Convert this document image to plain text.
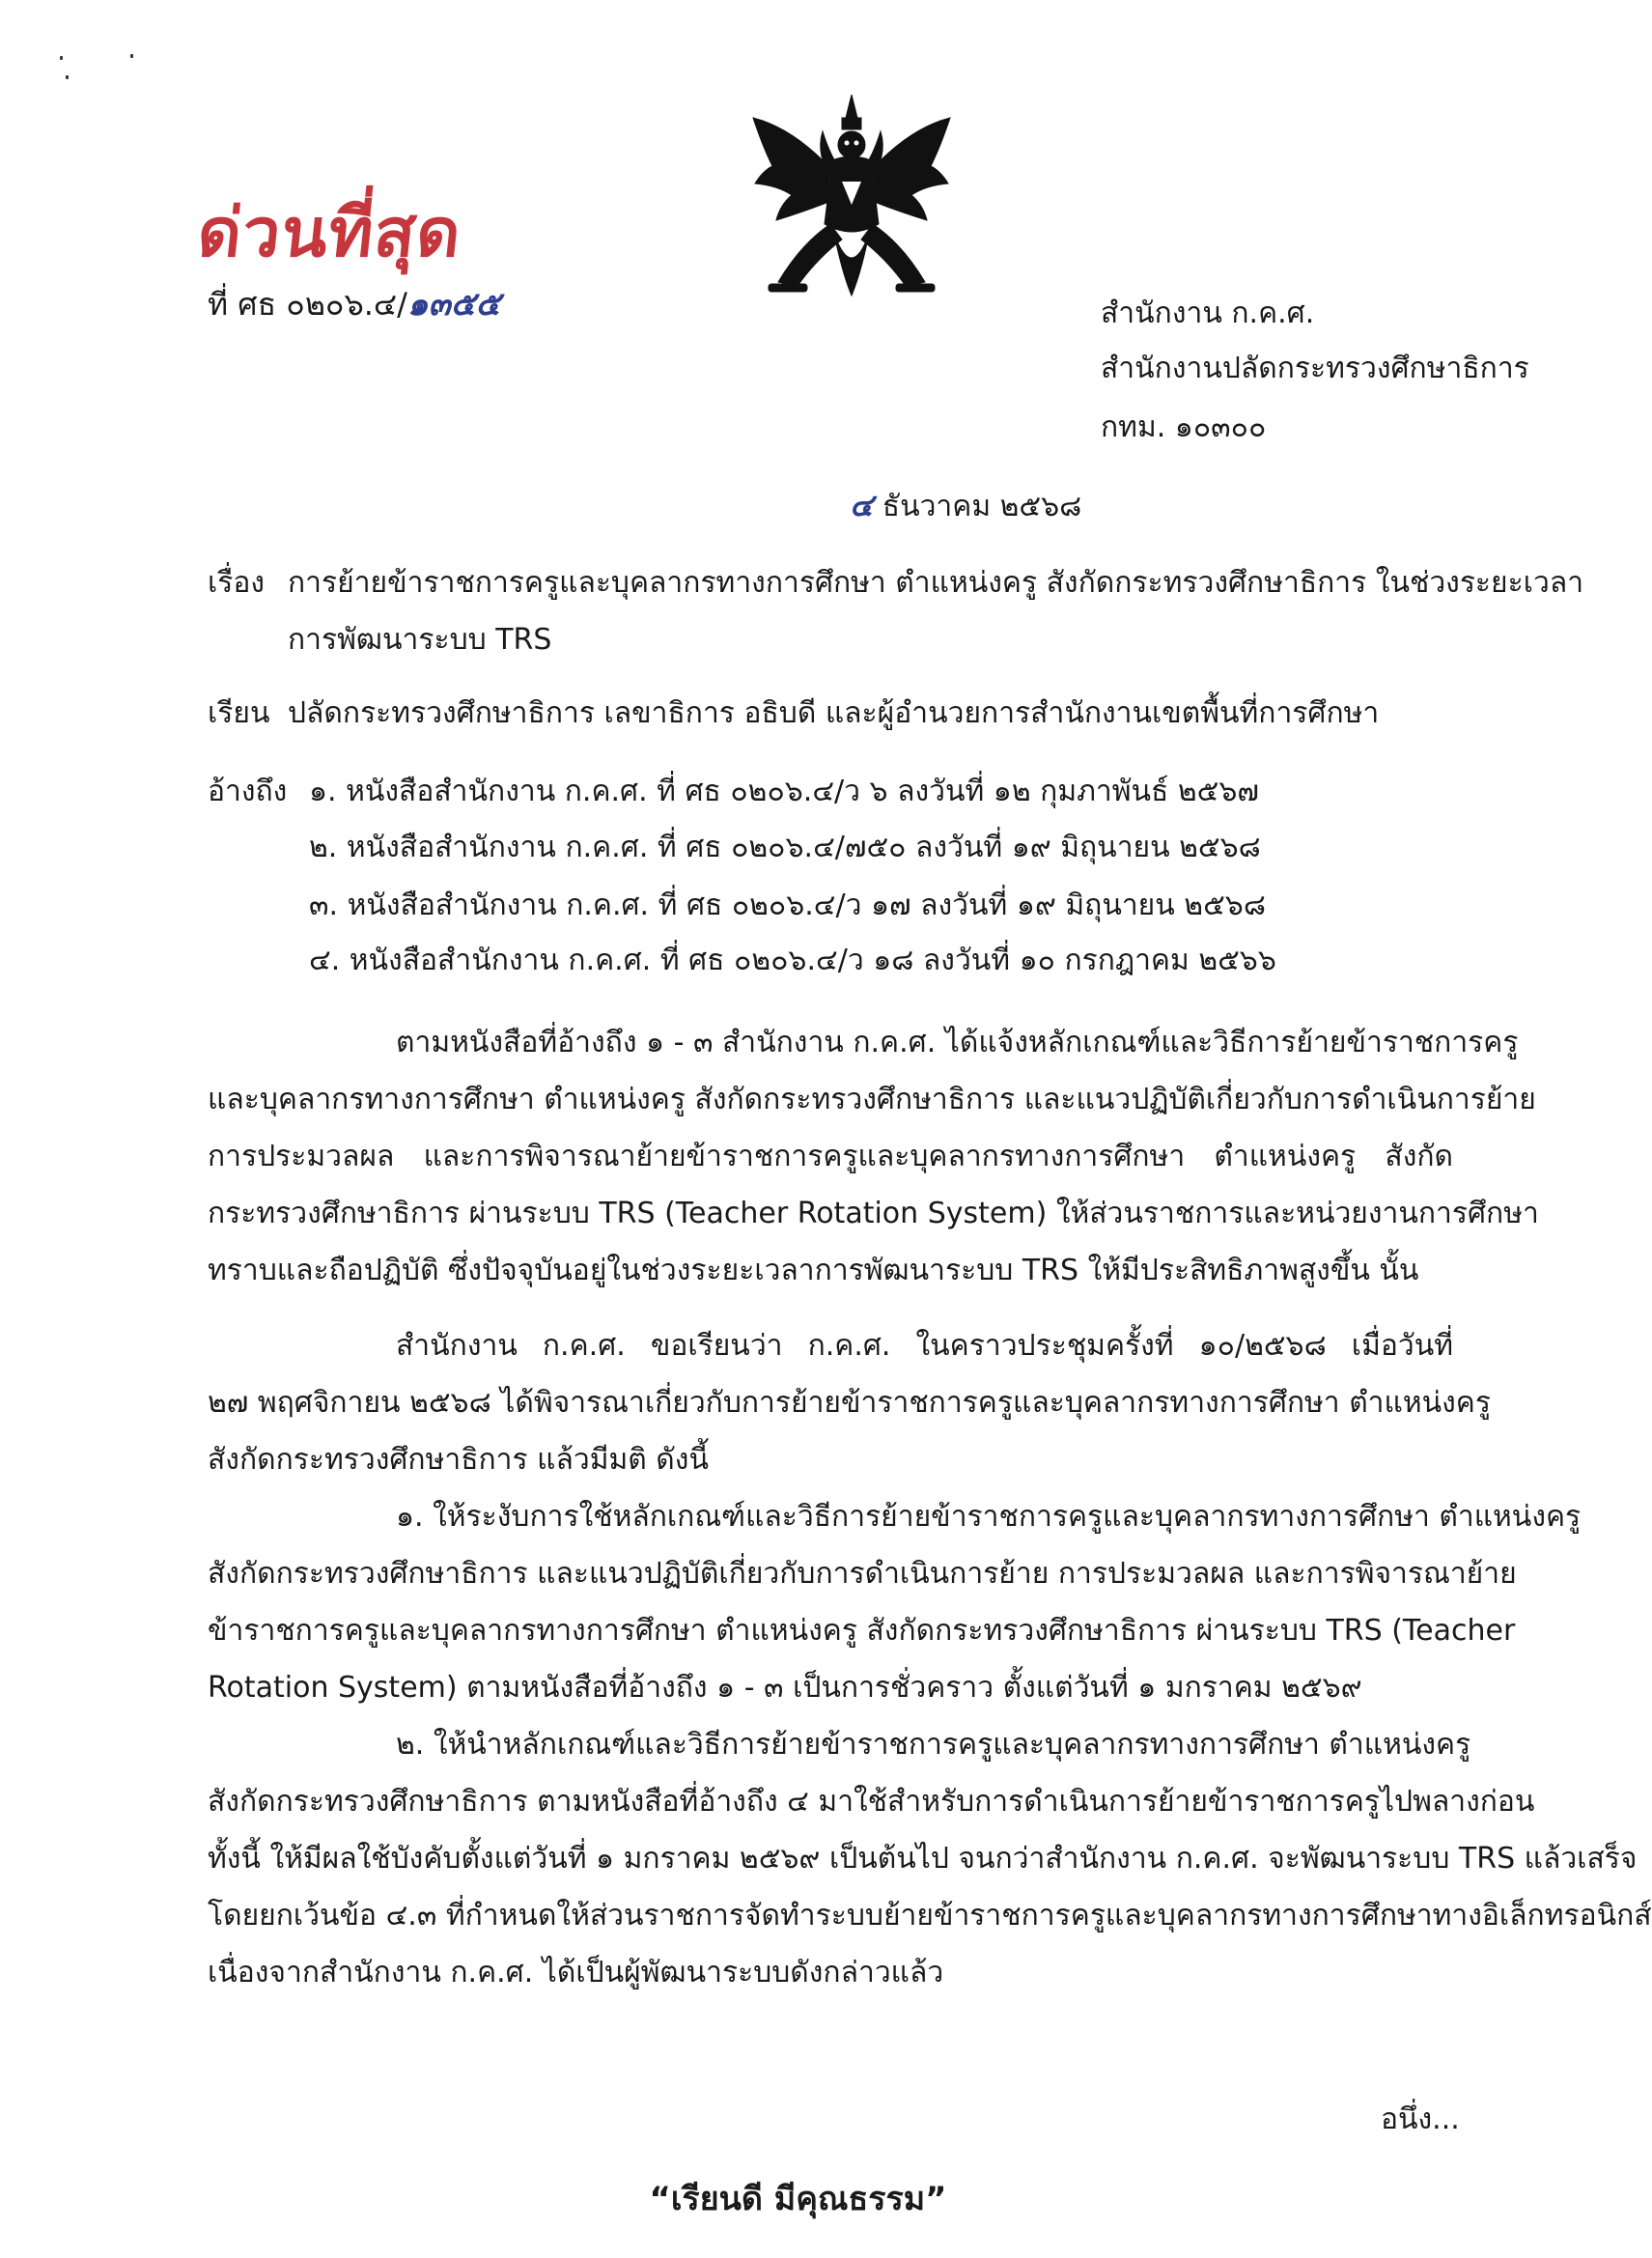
ด่วนที่สุด
ที่ ศธ ๐๒๐๖.๔/๑๓๕๕	สำนักงาน ก.ค.ศ.
สำนักงานปลัดกระทรวงศึกษาธิการ
กทม. ๑๐๓๐๐
๔ ธันวาคม ๒๕๖๘
เรื่อง การย้ายข้าราชการครูและบุคลากรทางการศึกษา ตำแหน่งครู สังกัดกระทรวงศึกษาธิการ ในช่วงระยะเวลา
การพัฒนาระบบ TRS
เรียน ปลัดกระทรวงศึกษาธิการ เลขาธิการ อธิบดี และผู้อำนวยการสำนักงานเขตพื้นที่การศึกษา
อ้างถึง ๑. หนังสือสำนักงาน ก.ค.ศ. ที่ ศธ ๐๒๐๖.๔/ว ๖ ลงวันที่ ๑๒ กุมภาพันธ์ ๒๕๖๗
๒. หนังสือสำนักงาน ก.ค.ศ. ที่ ศธ ๐๒๐๖.๔/๗๕๐ ลงวันที่ ๑๙ มิถุนายน ๒๕๖๘
๓. หนังสือสำนักงาน ก.ค.ศ. ที่ ศธ ๐๒๐๖.๔/ว ๑๗ ลงวันที่ ๑๙ มิถุนายน ๒๕๖๘
๔. หนังสือสำนักงาน ก.ค.ศ. ที่ ศธ ๐๒๐๖.๔/ว ๑๘ ลงวันที่ ๑๐ กรกฎาคม ๒๕๖๖
ตามหนังสือที่อ้างถึง ๑ - ๓ สำนักงาน ก.ค.ศ. ได้แจ้งหลักเกณฑ์และวิธีการย้ายข้าราชการครู
และบุคลากรทางการศึกษา ตำแหน่งครู สังกัดกระทรวงศึกษาธิการ และแนวปฏิบัติเกี่ยวกับการดำเนินการย้าย
การประมวลผล และการพิจารณาย้ายข้าราชการครูและบุคลากรทางการศึกษา ตำแหน่งครู สังกัด
กระทรวงศึกษาธิการ ผ่านระบบ TRS (Teacher Rotation System) ให้ส่วนราชการและหน่วยงานการศึกษา
ทราบและถือปฏิบัติ ซึ่งปัจจุบันอยู่ในช่วงระยะเวลาการพัฒนาระบบ TRS ให้มีประสิทธิภาพสูงขึ้น นั้น
สำนักงาน ก.ค.ศ. ขอเรียนว่า ก.ค.ศ. ในคราวประชุมครั้งที่ ๑๐/๒๕๖๘ เมื่อวันที่
๒๗ พฤศจิกายน ๒๕๖๘ ได้พิจารณาเกี่ยวกับการย้ายข้าราชการครูและบุคลากรทางการศึกษา ตำแหน่งครู
สังกัดกระทรวงศึกษาธิการ แล้วมีมติ ดังนี้
๑. ให้ระงับการใช้หลักเกณฑ์และวิธีการย้ายข้าราชการครูและบุคลากรทางการศึกษา ตำแหน่งครู
สังกัดกระทรวงศึกษาธิการ และแนวปฏิบัติเกี่ยวกับการดำเนินการย้าย การประมวลผล และการพิจารณาย้าย
ข้าราชการครูและบุคลากรทางการศึกษา ตำแหน่งครู สังกัดกระทรวงศึกษาธิการ ผ่านระบบ TRS (Teacher
Rotation System) ตามหนังสือที่อ้างถึง ๑ - ๓ เป็นการชั่วคราว ตั้งแต่วันที่ ๑ มกราคม ๒๕๖๙
๒. ให้นำหลักเกณฑ์และวิธีการย้ายข้าราชการครูและบุคลากรทางการศึกษา ตำแหน่งครู
สังกัดกระทรวงศึกษาธิการ ตามหนังสือที่อ้างถึง ๔ มาใช้สำหรับการดำเนินการย้ายข้าราชการครูไปพลางก่อน
ทั้งนี้ ให้มีผลใช้บังคับตั้งแต่วันที่ ๑ มกราคม ๒๕๖๙ เป็นต้นไป จนกว่าสำนักงาน ก.ค.ศ. จะพัฒนาระบบ TRS แล้วเสร็จ
โดยยกเว้นข้อ ๔.๓ ที่กำหนดให้ส่วนราชการจัดทำระบบย้ายข้าราชการครูและบุคลากรทางการศึกษาทางอิเล็กทรอนิกส์
เนื่องจากสำนักงาน ก.ค.ศ. ได้เป็นผู้พัฒนาระบบดังกล่าวแล้ว
อนึ่ง...
“เรียนดี มีคุณธรรม”
